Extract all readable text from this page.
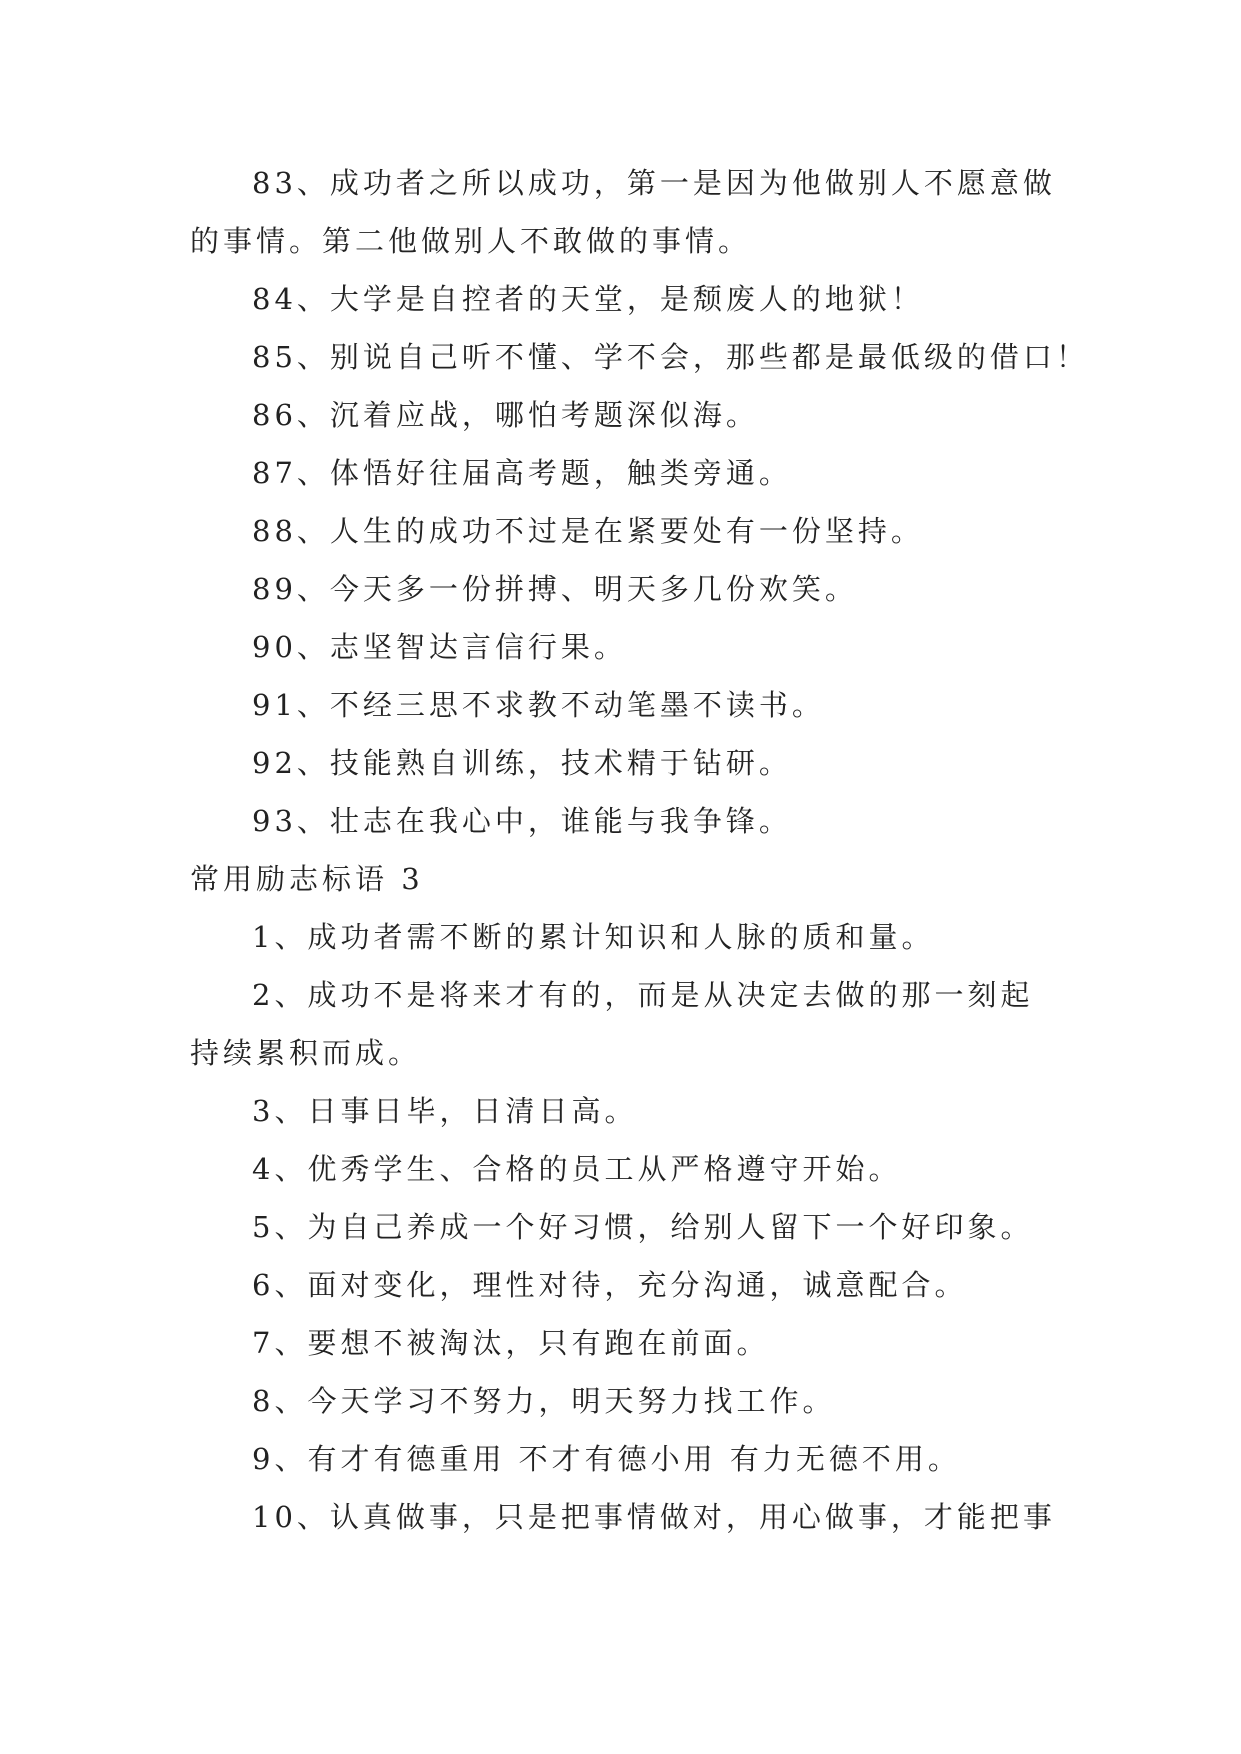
83、成功者之所以成功，第一是因为他做别人不愿意做
的事情。第二他做别人不敢做的事情。
84、大学是自控者的天堂，是颓废人的地狱！
85、别说自己听不懂、学不会，那些都是最低级的借口！
86、沉着应战，哪怕考题深似海。
87、体悟好往届高考题，触类旁通。
88、人生的成功不过是在紧要处有一份坚持。
89、今天多一份拼搏、明天多几份欢笑。
90、志坚智达言信行果。
91、不经三思不求教不动笔墨不读书。
92、技能熟自训练，技术精于钻研。
93、壮志在我心中，谁能与我争锋。
常用励志标语 3
1、成功者需不断的累计知识和人脉的质和量。
2、成功不是将来才有的，而是从决定去做的那一刻起
持续累积而成。
3、日事日毕，日清日高。
4、优秀学生、合格的员工从严格遵守开始。
5、为自己养成一个好习惯，给别人留下一个好印象。
6、面对变化，理性对待，充分沟通，诚意配合。
7、要想不被淘汰，只有跑在前面。
8、今天学习不努力，明天努力找工作。
9、有才有德重用 不才有德小用 有力无德不用。
10、认真做事，只是把事情做对，用心做事，才能把事
